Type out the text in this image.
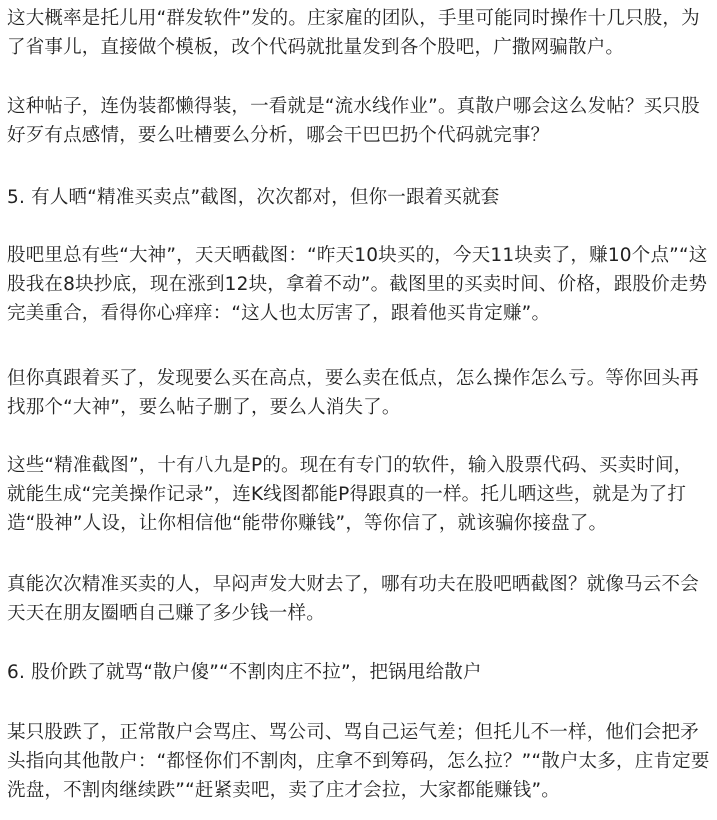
这大概率是托儿用“群发软件”发的。庄家雇的团队，手里可能同时操作十几只股，为了省事儿，直接做个模板，改个代码就批量发到各个股吧，广撒网骗散户。

这种帖子，连伪装都懒得装，一看就是“流水线作业”。真散户哪会这么发帖？买只股好歹有点感情，要么吐槽要么分析，哪会干巴巴扔个代码就完事？

5. 有人晒“精准买卖点”截图，次次都对，但你一跟着买就套

股吧里总有些“大神”，天天晒截图：“昨天10块买的，今天11块卖了，赚10个点”“这股我在8块抄底，现在涨到12块，拿着不动”。截图里的买卖时间、价格，跟股价走势完美重合，看得你心痒痒：“这人也太厉害了，跟着他买肯定赚”。

但你真跟着买了，发现要么买在高点，要么卖在低点，怎么操作怎么亏。等你回头再找那个“大神”，要么帖子删了，要么人消失了。

这些“精准截图”，十有八九是P的。现在有专门的软件，输入股票代码、买卖时间，就能生成“完美操作记录”，连K线图都能P得跟真的一样。托儿晒这些，就是为了打造“股神”人设，让你相信他“能带你赚钱”，等你信了，就该骗你接盘了。

真能次次精准买卖的人，早闷声发大财去了，哪有功夫在股吧晒截图？就像马云不会天天在朋友圈晒自己赚了多少钱一样。

6. 股价跌了就骂“散户傻”“不割肉庄不拉”，把锅甩给散户

某只股跌了，正常散户会骂庄、骂公司、骂自己运气差；但托儿不一样，他们会把矛头指向其他散户：“都怪你们不割肉，庄拿不到筹码，怎么拉？”“散户太多，庄肯定要洗盘，不割肉继续跌”“赶紧卖吧，卖了庄才会拉，大家都能赚钱”。
